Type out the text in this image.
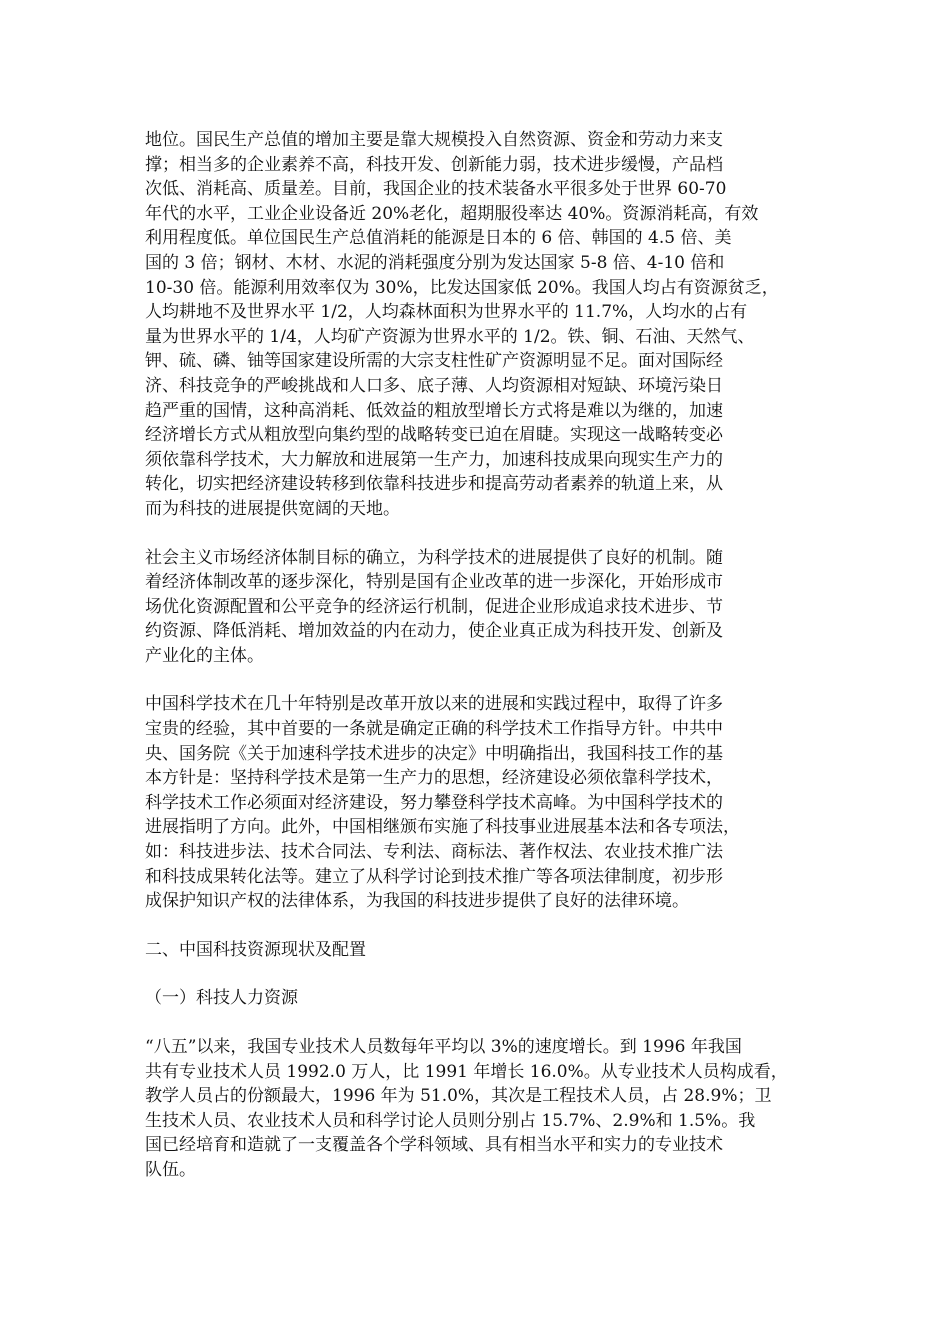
地位。国民生产总值的增加主要是靠大规模投入自然资源、资金和劳动力来支
撑；相当多的企业素养不高，科技开发、创新能力弱，技术进步缓慢，产品档
次低、消耗高、质量差。目前，我国企业的技术装备水平很多处于世界 60-70
年代的水平，工业企业设备近 20%老化，超期服役率达 40%。资源消耗高，有效
利用程度低。单位国民生产总值消耗的能源是日本的 6 倍、韩国的 4.5 倍、美
国的 3 倍；钢材、木材、水泥的消耗强度分别为发达国家 5-8 倍、4-10 倍和
10-30 倍。能源利用效率仅为 30%，比发达国家低 20%。我国人均占有资源贫乏，
人均耕地不及世界水平 1/2，人均森林面积为世界水平的 11.7%，人均水的占有
量为世界水平的 1/4，人均矿产资源为世界水平的 1/2。铁、铜、石油、天然气、
钾、硫、磷、铀等国家建设所需的大宗支柱性矿产资源明显不足。面对国际经
济、科技竞争的严峻挑战和人口多、底子薄、人均资源相对短缺、环境污染日
趋严重的国情，这种高消耗、低效益的粗放型增长方式将是难以为继的，加速
经济增长方式从粗放型向集约型的战略转变已迫在眉睫。实现这一战略转变必
须依靠科学技术，大力解放和进展第一生产力，加速科技成果向现实生产力的
转化，切实把经济建设转移到依靠科技进步和提高劳动者素养的轨道上来，从
而为科技的进展提供宽阔的天地。
社会主义市场经济体制目标的确立，为科学技术的进展提供了良好的机制。随
着经济体制改革的逐步深化，特别是国有企业改革的进一步深化，开始形成市
场优化资源配置和公平竞争的经济运行机制，促进企业形成追求技术进步、节
约资源、降低消耗、增加效益的内在动力，使企业真正成为科技开发、创新及
产业化的主体。
中国科学技术在几十年特别是改革开放以来的进展和实践过程中，取得了许多
宝贵的经验，其中首要的一条就是确定正确的科学技术工作指导方针。中共中
央、国务院《关于加速科学技术进步的决定》中明确指出，我国科技工作的基
本方针是：坚持科学技术是第一生产力的思想，经济建设必须依靠科学技术，
科学技术工作必须面对经济建设，努力攀登科学技术高峰。为中国科学技术的
进展指明了方向。此外，中国相继颁布实施了科技事业进展基本法和各专项法，
如：科技进步法、技术合同法、专利法、商标法、著作权法、农业技术推广法
和科技成果转化法等。建立了从科学讨论到技术推广等各项法律制度，初步形
成保护知识产权的法律体系，为我国的科技进步提供了良好的法律环境。
二、中国科技资源现状及配置
（一）科技人力资源
“八五”以来，我国专业技术人员数每年平均以 3%的速度增长。到 1996 年我国
共有专业技术人员 1992.0 万人，比 1991 年增长 16.0%。从专业技术人员构成看，
教学人员占的份额最大，1996 年为 51.0%，其次是工程技术人员，占 28.9%；卫
生技术人员、农业技术人员和科学讨论人员则分别占 15.7%、2.9%和 1.5%。我
国已经培育和造就了一支覆盖各个学科领域、具有相当水平和实力的专业技术
队伍。
